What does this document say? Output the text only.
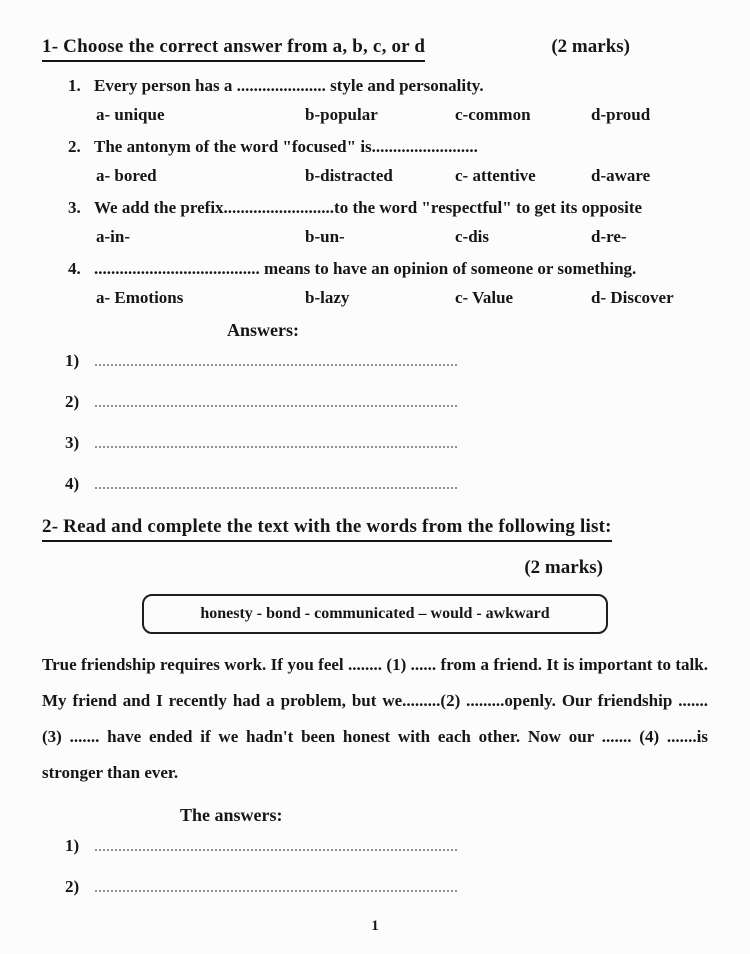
1- Choose the correct answer from a, b, c, or d	(2 marks)
1. Every person has a ..................... style and personality.
a- unique	b-popular	c-common	d-proud
2. The antonym of the word "focused" is.........................
a- bored	b-distracted	c- attentive	d-aware
3. We add the prefix..........................to the word "respectful" to get its opposite
a-in-	b-un-	c-dis	d-re-
4. ....................................... means to have an opinion of someone or something.
a- Emotions	b-lazy	c- Value	d- Discover
Answers:
1)
2)
3)
4)
2- Read and complete the text with the words from the following list:
(2 marks)
honesty - bond - communicated – would - awkward
True friendship requires work. If you feel ........ (1) ...... from a friend. It is important to talk. My friend and I recently had a problem, but we.........(2) .........openly. Our friendship ....... (3) ....... have ended if we hadn't been honest with each other. Now our ....... (4) .......is stronger than ever.
The answers:
1)
2)
1
